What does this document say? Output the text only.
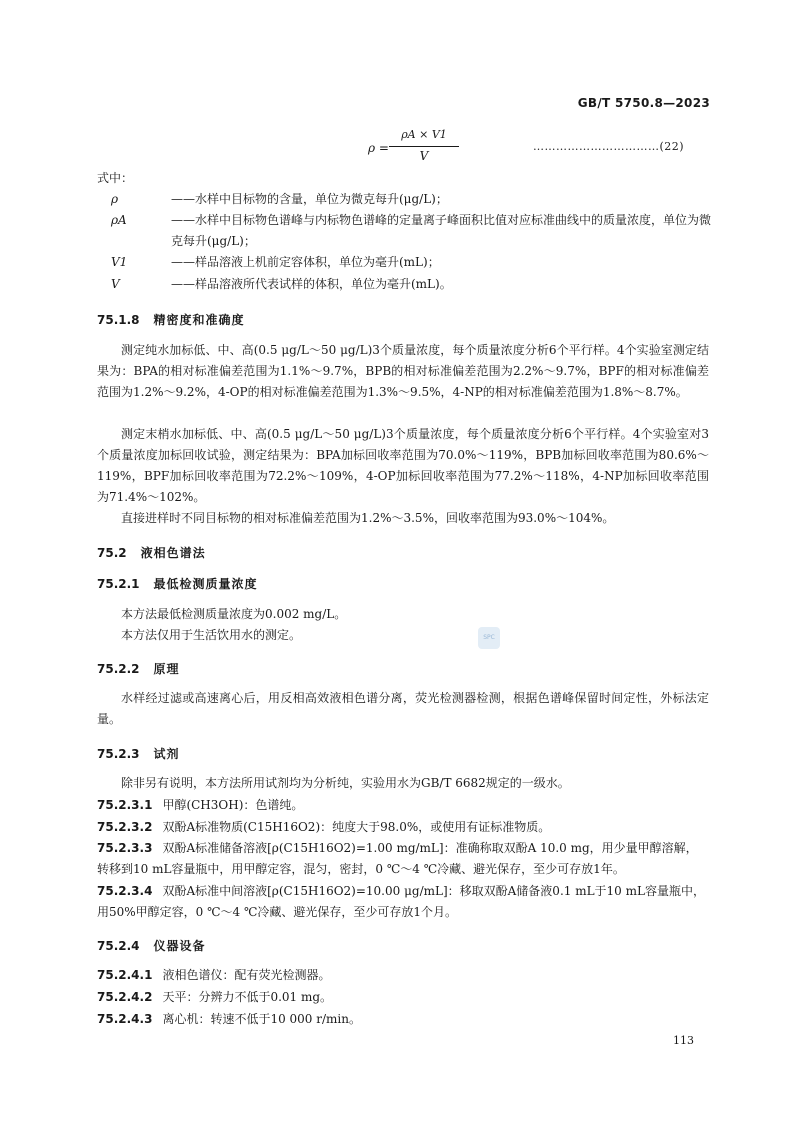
GB/T 5750.8—2023
ρ =
ρA × V1
V
……………………………(22)

式中：

ρ	——水样中目标物的含量，单位为微克每升(μg/L)；
ρA	——水样中目标物色谱峰与内标物色谱峰的定量离子峰面积比值对应标准曲线中的质量浓度，单位为微克每升(μg/L)；
V1	——样品溶液上机前定容体积，单位为毫升(mL)；
V	——样品溶液所代表试样的体积，单位为毫升(mL)。
75.1.8 精密度和准确度

测定纯水加标低、中、高(0.5 μg/L～50 μg/L)3个质量浓度，每个质量浓度分析6个平行样。4个实验室测定结果为：BPA的相对标准偏差范围为1.1%～9.7%，BPB的相对标准偏差范围为2.2%～9.7%，BPF的相对标准偏差范围为1.2%～9.2%，4-OP的相对标准偏差范围为1.3%～9.5%，4-NP的相对标准偏差范围为1.8%～8.7%。

测定末梢水加标低、中、高(0.5 μg/L～50 μg/L)3个质量浓度，每个质量浓度分析6个平行样。4个实验室对3个质量浓度加标回收试验，测定结果为：BPA加标回收率范围为70.0%～119%，BPB加标回收率范围为80.6%～119%，BPF加标回收率范围为72.2%～109%，4-OP加标回收率范围为77.2%～118%，4-NP加标回收率范围为71.4%～102%。

直接进样时不同目标物的相对标准偏差范围为1.2%～3.5%，回收率范围为93.0%～104%。

75.2 液相色谱法
75.2.1 最低检测质量浓度

本方法最低检测质量浓度为0.002 mg/L。

本方法仅用于生活饮用水的测定。	SPC
75.2.2 原理

水样经过滤或高速离心后，用反相高效液相色谱分离，荧光检测器检测，根据色谱峰保留时间定性，外标法定量。

75.2.3 试剂

除非另有说明，本方法所用试剂均为分析纯，实验用水为GB/T 6682规定的一级水。

75.2.3.1 甲醇(CH3OH)：色谱纯。

75.2.3.2 双酚A标准物质(C15H16O2)：纯度大于98.0%，或使用有证标准物质。

75.2.3.3 双酚A标准储备溶液[ρ(C15H16O2)=1.00 mg/mL]：准确称取双酚A 10.0 mg，用少量甲醇溶解，转移到10 mL容量瓶中，用甲醇定容，混匀，密封，0 ℃～4 ℃冷藏、避光保存，至少可存放1年。

75.2.3.4 双酚A标准中间溶液[ρ(C15H16O2)=10.00 μg/mL]：移取双酚A储备液0.1 mL于10 mL容量瓶中，用50%甲醇定容，0 ℃～4 ℃冷藏、避光保存，至少可存放1个月。

75.2.4 仪器设备

75.2.4.1 液相色谱仪：配有荧光检测器。

75.2.4.2 天平：分辨力不低于0.01 mg。

75.2.4.3 离心机：转速不低于10 000 r/min。

113
